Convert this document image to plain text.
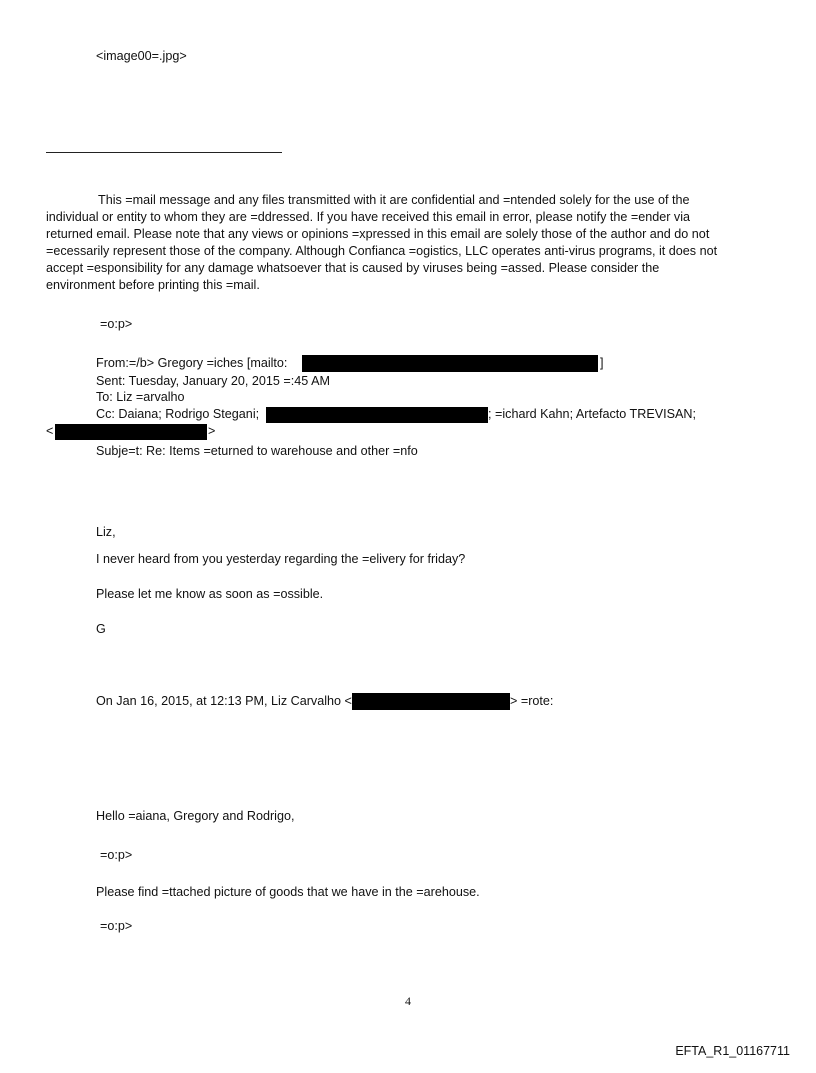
<image00=.jpg>
This =mail message and any files transmitted with it are confidential and =ntended solely for the use of the
individual or entity to whom they are =ddressed. If you have received this email in error, please notify the =ender via
returned email. Please note that any views or opinions =xpressed in this email are solely those of the author and do not
=ecessarily represent those of the company. Although Confianca =ogistics, LLC operates anti-virus programs, it does not
accept =esponsibility for any damage whatsoever that is caused by viruses being =assed. Please consider the
environment before printing this =mail.
=o:p>
From:=/b> Gregory =iches [mailto:	]
Sent: Tuesday, January 20, 2015 =:45 AM
To: Liz =arvalho
Cc: Daiana; Rodrigo Stegani;	; =ichard Kahn; Artefacto TREVISAN;
<	>
Subje=t: Re: Items =eturned to warehouse and other =nfo
Liz,
I never heard from you yesterday regarding the =elivery for friday?
Please let me know as soon as =ossible.
G
On Jan 16, 2015, at 12:13 PM, Liz Carvalho <	> =rote:
Hello =aiana, Gregory and Rodrigo,
=o:p>
Please find =ttached picture of goods that we have in the =arehouse.
=o:p>
4
EFTA_R1_01167711
